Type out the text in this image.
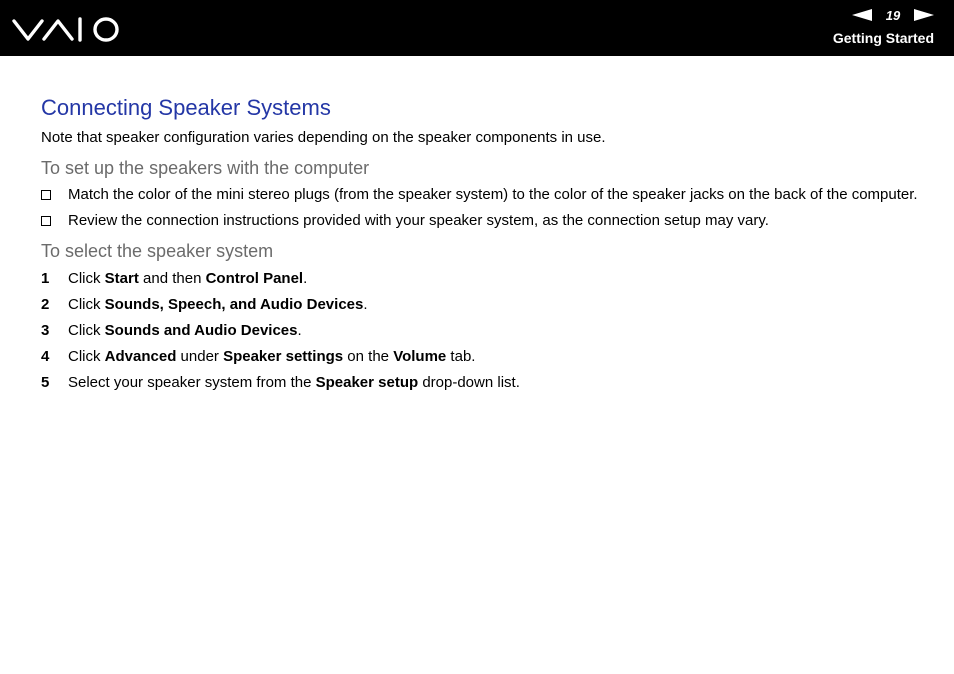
19
Getting Started
Connecting Speaker Systems

Note that speaker configuration varies depending on the speaker components in use.

To set up the speakers with the computer
Match the color of the mini stereo plugs (from the speaker system) to the color of the speaker jacks on the back of the computer.
Review the connection instructions provided with your speaker system, as the connection setup may vary.
To select the speaker system
1 Click Start and then Control Panel.
2 Click Sounds, Speech, and Audio Devices.
3 Click Sounds and Audio Devices.
4 Click Advanced under Speaker settings on the Volume tab.
5 Select your speaker system from the Speaker setup drop-down list.
